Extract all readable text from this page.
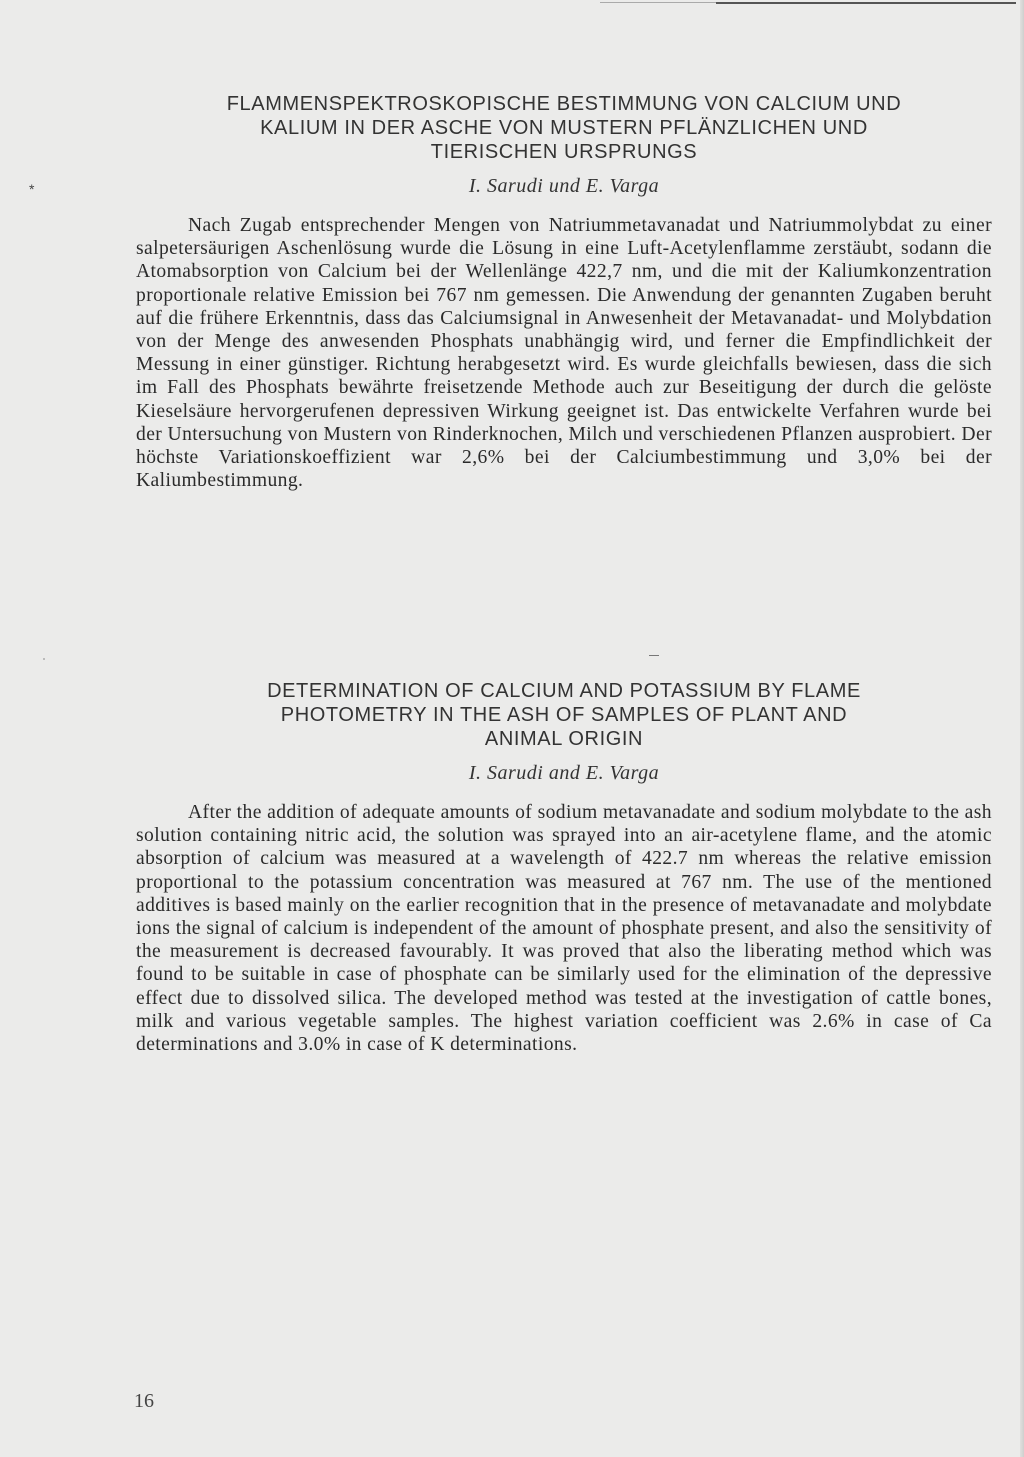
*
FLAMMENSPEKTROSKOPISCHE BESTIMMUNG VON CALCIUM UND
KALIUM IN DER ASCHE VON MUSTERN PFLÄNZLICHEN UND
TIERISCHEN URSPRUNGS
I. Sarudi und E. Varga

Nach Zugab entsprechender Mengen von Natriummetavanadat und Natriummolybdat zu einer salpetersäurigen Aschenlösung wurde die Lösung in eine Luft-Acetylenflamme zerstäubt, sodann die Atomabsorption von Calcium bei der Wellenlänge 422,7 nm, und die mit der Kaliumkonzentration proportionale relative Emission bei 767 nm gemessen. Die Anwendung der genannten Zugaben beruht auf die frühere Erkenntnis, dass das Calciumsignal in Anwesenheit der Metavanadat- und Molybdation von der Menge des anwesenden Phosphats unabhängig wird, und ferner die Empfindlichkeit der Messung in einer günstiger. Richtung herabgesetzt wird. Es wurde gleichfalls bewiesen, dass die sich im Fall des Phosphats bewährte freisetzende Methode auch zur Beseitigung der durch die gelöste Kieselsäure hervorgerufenen depressiven Wirkung geeignet ist. Das entwickelte Verfahren wurde bei der Untersuchung von Mustern von Rinderknochen, Milch und verschiedenen Pflanzen ausprobiert. Der höchste Variationskoeffizient war 2,6% bei der Calciumbestimmung und 3,0% bei der Kaliumbestimmung.

DETERMINATION OF CALCIUM AND POTASSIUM BY FLAME
PHOTOMETRY IN THE ASH OF SAMPLES OF PLANT AND
ANIMAL ORIGIN
I. Sarudi and E. Varga

After the addition of adequate amounts of sodium metavanadate and sodium molybdate to the ash solution containing nitric acid, the solution was sprayed into an air-acetylene flame, and the atomic absorption of calcium was measured at a wavelength of 422.7 nm whereas the relative emission proportional to the potassium concentration was measured at 767 nm. The use of the mentioned additives is based mainly on the earlier recognition that in the presence of metavanadate and molybdate ions the signal of calcium is independent of the amount of phosphate present, and also the sensitivity of the measurement is decreased favourably. It was proved that also the liberating method which was found to be suitable in case of phosphate can be similarly used for the elimination of the depressive effect due to dissolved silica. The developed method was tested at the investigation of cattle bones, milk and various vegetable samples. The highest variation coefficient was 2.6% in case of Ca determinations and 3.0% in case of K determinations.

16
